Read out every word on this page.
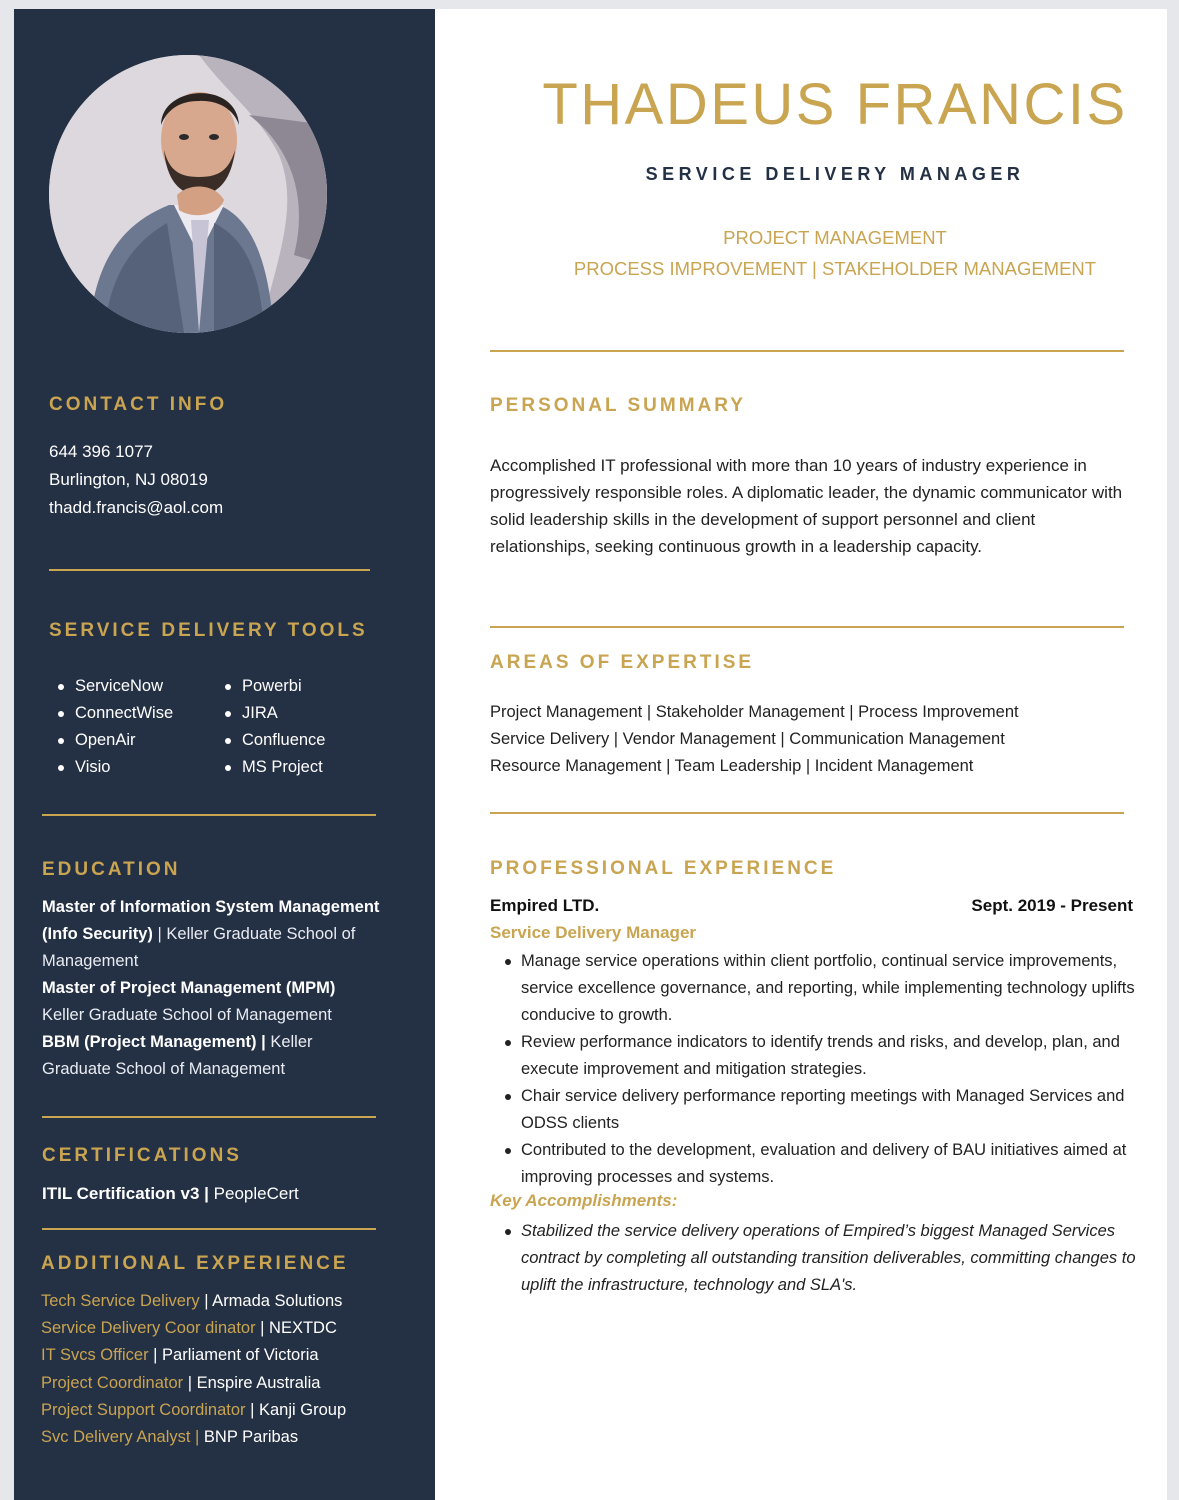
CONTACT INFO
644 396 1077
Burlington, NJ 08019
thadd.francis@aol.com
SERVICE DELIVERY TOOLS
ServiceNow
ConnectWise
OpenAir
Visio
Powerbi
JIRA
Confluence
MS Project
EDUCATION
Master of Information System Management (Info Security) | Keller Graduate School of Management
Master of Project Management (MPM)
Keller Graduate School of Management
BBM (Project Management) | Keller Graduate School of Management
CERTIFICATIONS
ITIL Certification v3 | PeopleCert
ADDITIONAL EXPERIENCE
Tech Service Delivery | Armada Solutions
Service Delivery Coor dinator | NEXTDC
IT Svcs Officer | Parliament of Victoria
Project Coordinator | Enspire Australia
Project Support Coordinator | Kanji Group
Svc Delivery Analyst | BNP Paribas
THADEUS FRANCIS
SERVICE DELIVERY MANAGER
PROJECT MANAGEMENT
PROCESS IMPROVEMENT | STAKEHOLDER MANAGEMENT
PERSONAL SUMMARY
Accomplished IT professional with more than 10 years of industry experience in progressively responsible roles. A diplomatic leader, the dynamic communicator with solid leadership skills in the development of support personnel and client relationships, seeking continuous growth in a leadership capacity.
AREAS OF EXPERTISE
Project Management | Stakeholder Management | Process Improvement
Service Delivery | Vendor Management | Communication Management
Resource Management | Team Leadership | Incident Management
PROFESSIONAL EXPERIENCE
Empired LTD.	Sept. 2019 - Present
Service Delivery Manager
Manage service operations within client portfolio, continual service improvements, service excellence governance, and reporting, while implementing technology uplifts conducive to growth.
Review performance indicators to identify trends and risks, and develop, plan, and execute improvement and mitigation strategies.
Chair service delivery performance reporting meetings with Managed Services and ODSS clients
Contributed to the development, evaluation and delivery of BAU initiatives aimed at improving processes and systems.
Key Accomplishments:
Stabilized the service delivery operations of Empired’s biggest Managed Services contract by completing all outstanding transition deliverables, committing changes to uplift the infrastructure, technology and SLA's.
